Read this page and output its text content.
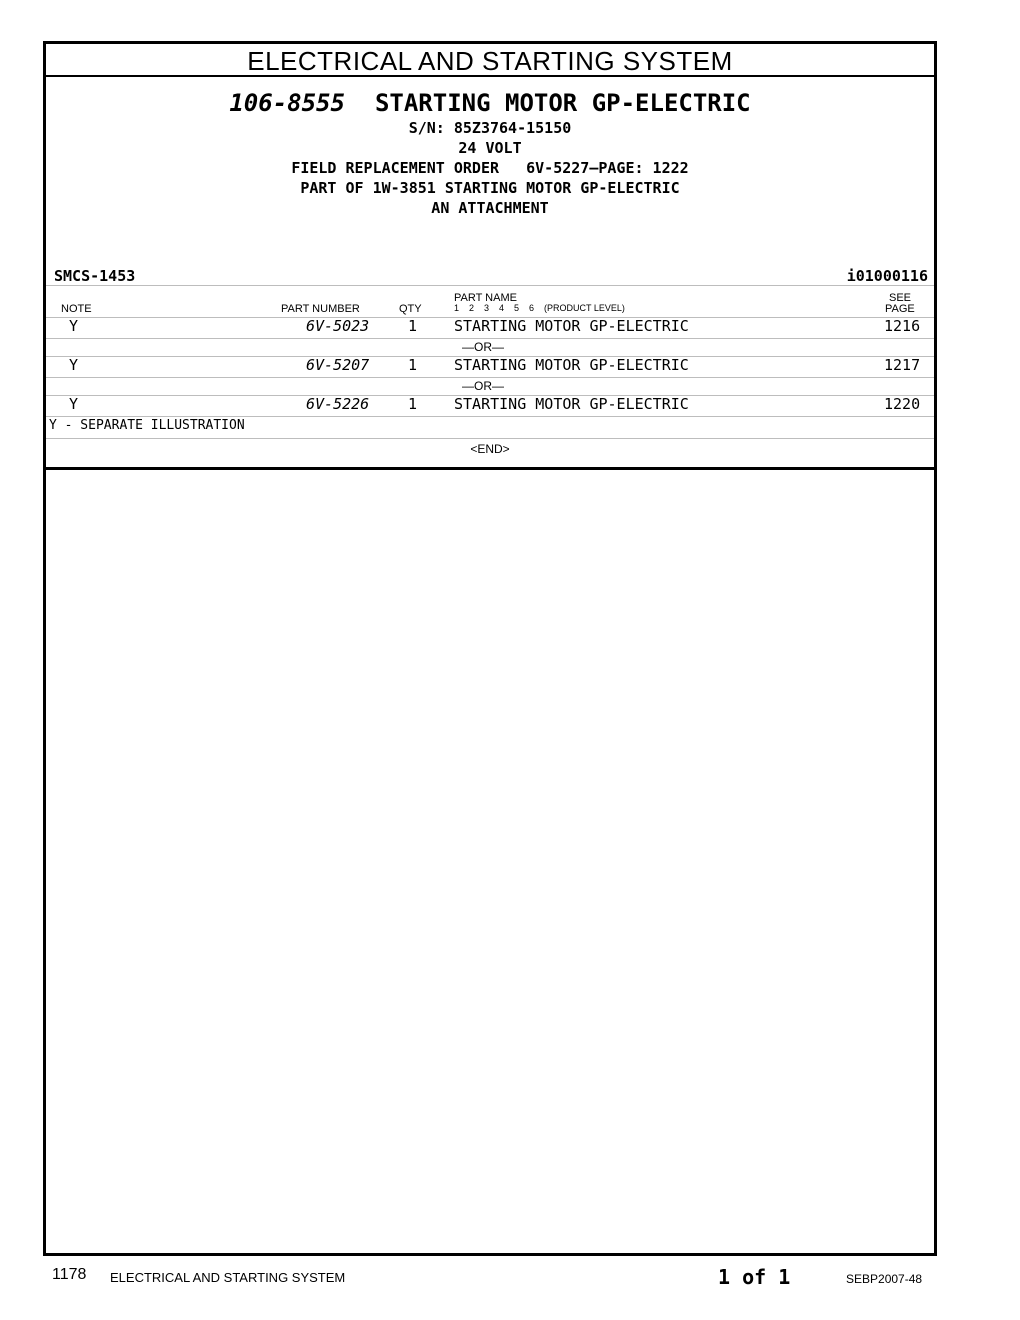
ELECTRICAL AND STARTING SYSTEM
106-8555 STARTING MOTOR GP-ELECTRIC
S/N: 85Z3764-15150
24 VOLT
FIELD REPLACEMENT ORDER   6V-5227—PAGE: 1222
PART OF 1W-3851 STARTING MOTOR GP-ELECTRIC
AN ATTACHMENT
SMCS-1453	i01000116
NOTE	PART NUMBER	QTY
PART NAME
1    2    3    4    5    6    (PRODUCT LEVEL)
SEE
PAGE
Y	6V-5023	1 STARTING MOTOR GP-ELECTRIC	1216
—OR—
Y	6V-5207	1 STARTING MOTOR GP-ELECTRIC	1217
—OR—
Y	6V-5226	1 STARTING MOTOR GP-ELECTRIC	1220
Y - SEPARATE ILLUSTRATION
<END>
1178 ELECTRICAL AND STARTING SYSTEM	1 of 1	SEBP2007-48
